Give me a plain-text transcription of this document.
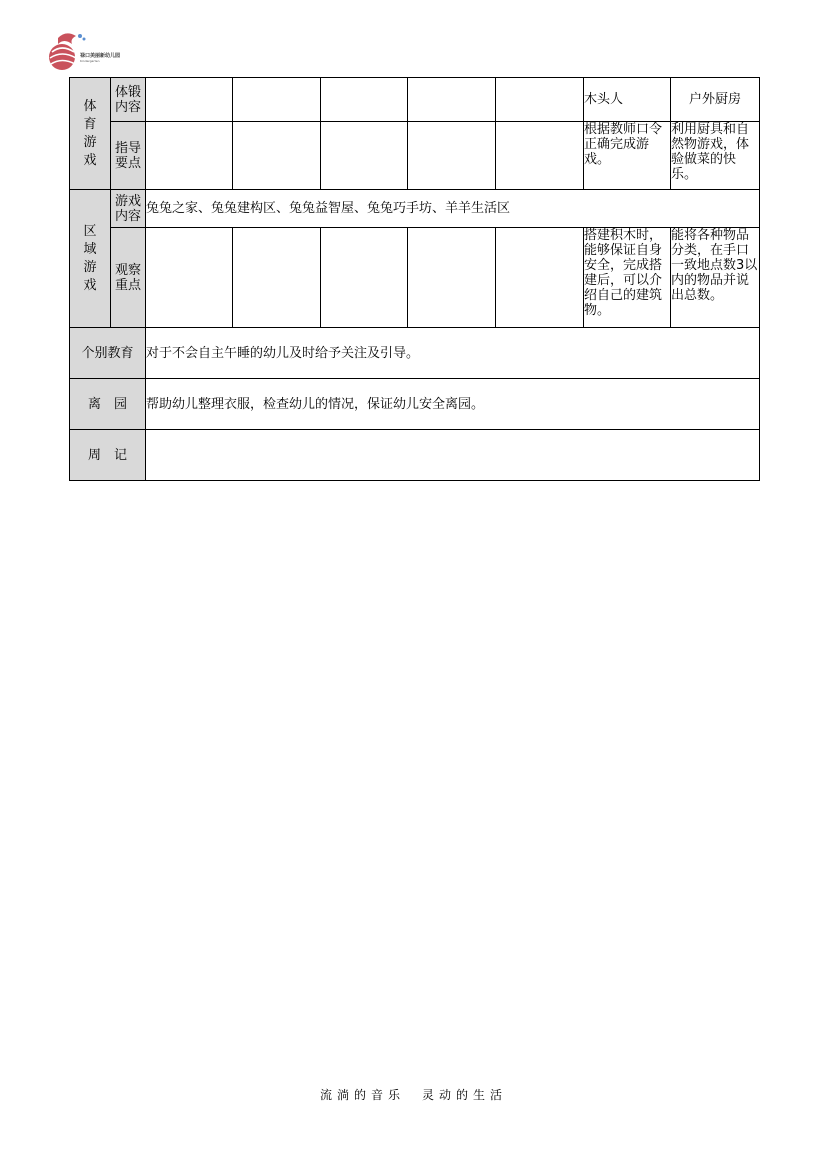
禄口美丽新幼儿园
Kindergarten
体育游戏	体锻内容						木头人	户外厨房
	指导要点						根据教师口令正确完成游戏。	利用厨具和自然物游戏，体验做菜的快乐。
区域游戏	游戏内容	兔兔之家、兔兔建构区、兔兔益智屋、兔兔巧手坊、羊羊生活区						
	观察重点						搭建积木时，能够保证自身安全，完成搭建后，可以介绍自己的建筑物。	能将各种物品分类，在手口一致地点数3以内的物品并说出总数。
个别教育		对于不会自主午睡的幼儿及时给予关注及引导。						
离　园		帮助幼儿整理衣服，检查幼儿的情况，保证幼儿安全离园。						
周　记								
流淌的音乐　灵动的生活
